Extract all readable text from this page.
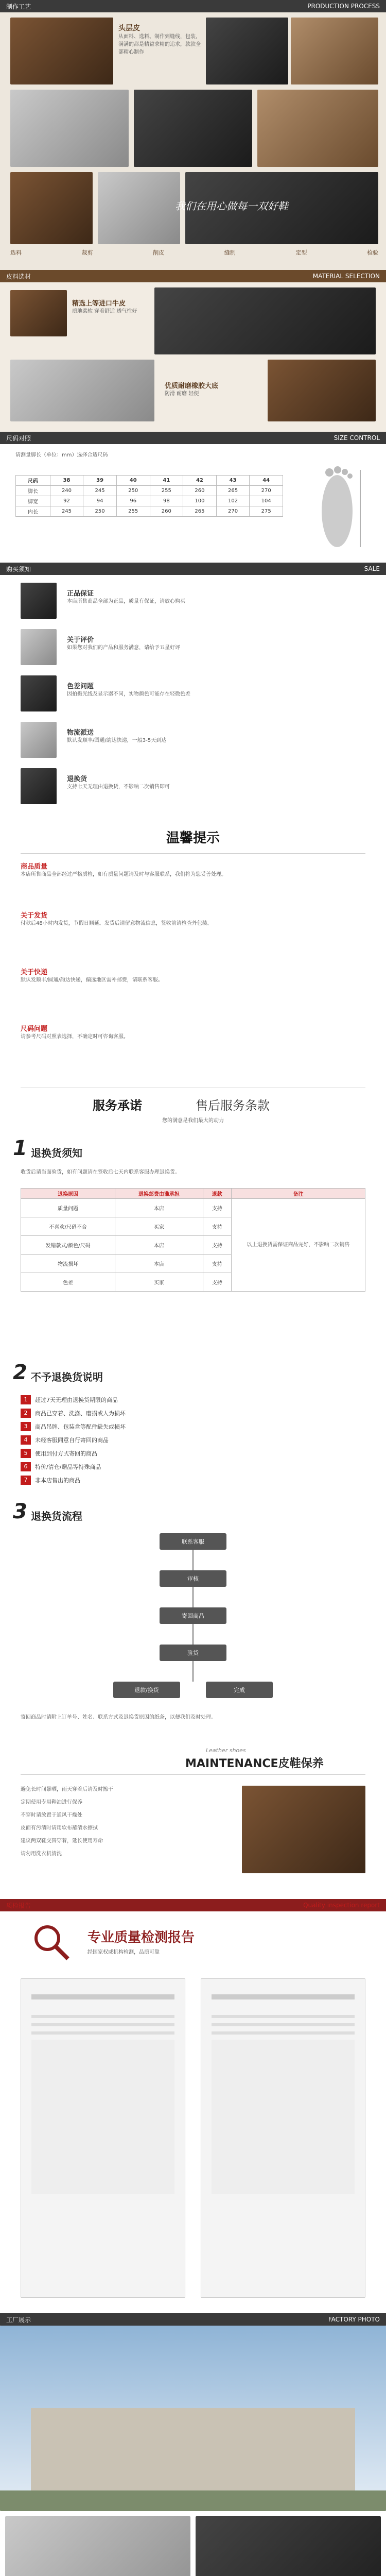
制作工艺	PRODUCTION PROCESS
头层皮
从面料、选料、制作到缝线，包装，满满的都是精益求精的追求，款款全部精心制作
选料	裁剪	削皮	缝制	定型	检验
我们在用心做每一双好鞋
皮料选材	MATERIAL SELECTION
精选上等进口牛皮
质地柔软 穿着舒适 透气性好
优质耐磨橡胶大底
防滑 耐磨 轻便
尺码对照	SIZE CONTROL
请测量脚长（单位：mm）选择合适尺码
尺码	38	39	40	41	42	43	44
脚长	240	245	250	255	260	265	270
脚宽	92	94	96	98	100	102	104
内长	245	250	255	260	265	270	275
购买须知	SALE
正品保证
本店所售商品全部为正品，质量有保证，请放心购买
关于评价
如果您对我们的产品和服务满意，请给予五星好评
色差问题
因拍摄光线及显示器不同，实物颜色可能存在轻微色差
物流派送
默认发顺丰/圆通/韵达快递，一般3-5天到达
退换货
支持七天无理由退换货，不影响二次销售即可
温馨提示
商品质量
本店所售商品全部经过严格质检，如有质量问题请及时与客服联系，我们将为您妥善处理。
关于发货
付款后48小时内发货，节假日顺延。发货后请留意物流信息，签收前请检查外包装。
关于快递
默认发顺丰/圆通/韵达快递，偏远地区需补邮费，请联系客服。
尺码问题
请参考尺码对照表选择，不确定时可咨询客服。
服务承诺	售后服务条款
您的满意是我们最大的动力
1 退换货须知
收货后请当面验货，如有问题请在签收后七天内联系客服办理退换货。
退换原因	退换邮费由谁承担	退款	备注
质量问题	本店	支持	以上退换货需保证商品完好，不影响二次销售
不喜欢/尺码不合	买家	支持	
发错款式/颜色/尺码	本店	支持	
物流损坏	本店	支持	
色差	买家	支持	
2 不予退换货说明
1	超过7天无理由退换货期限的商品
2	商品已穿着、洗涤、磨损或人为损坏
3	商品吊牌、包装盒等配件缺失或损坏
4	未经客服同意自行寄回的商品
5	使用到付方式寄回的商品
6	特价/清仓/赠品等特殊商品
7	非本店售出的商品
3 退换货流程
联系客服
审核
寄回商品
验货
退款/换货	完成
寄回商品时请附上订单号、姓名、联系方式及退换货原因的纸条，以便我们及时处理。
Leather shoes
MAINTENANCE皮鞋保养
避免长时间暴晒，雨天穿着后请及时擦干
定期使用专用鞋油进行保养
不穿时请放置于通风干燥处
皮面有污渍时请用软布蘸清水擦拭
建议两双鞋交替穿着，延长使用寿命
请勿用洗衣机清洗
质检报告	Quality inspection report
专业质量检测报告
经国家权威机构检测，品质可靠
工厂展示	FACTORY PHOTO
